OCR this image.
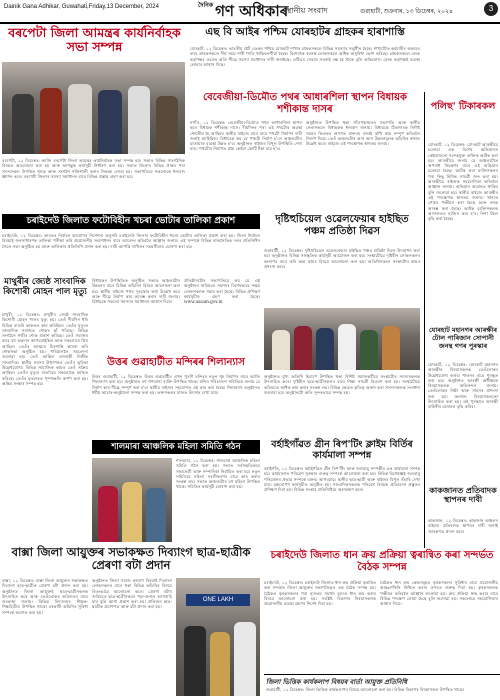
Dainik Gana Adhikar, Guwahati,Friday,13 December, 2024	$^{দৈনিক}$ গণ অধিকাৰ
স্থানীয় সংবাদ	গুৱাহাটী, শুক্ৰবাৰ, ১৩ ডিচেম্বৰ, ২০২৪	3
বৰপেটা জিলা আমন্ত্ৰৰ কাৰ্যনিৰ্বাহক সভা সম্পন্ন
বৰপেটা, ১২ ডিচেম্বৰ: আজি বৰপেটা জিলা আমন্ত্ৰৰ কাৰ্যনিৰ্বাহক সভা সম্পন্ন হয়। সভাত বিভিন্ন সাংগঠনিক বিষয়ত আলোচনা কৰা হয় আৰু আগন্তুক কাৰ্যসূচী নিৰ্ধাৰণ কৰা হয়। সভাত জিলাৰ বিভিন্ন প্ৰান্তৰ পৰা সদস্যসকল উপস্থিত থাকে আৰু সংগঠন শক্তিশালী কৰাৰ সিদ্ধান্ত লোৱা হয়। সভাপতিয়ে সকলোকে ধন্যবাদ জ্ঞাপন কৰে। বৰপেটা জিলাৰ সমস্যা সমাধানৰ বাবে বিভিন্ন প্ৰস্তাৱ গ্ৰহণ কৰা হয়।
চৰাইদেউ জিলাত ফটোবিহীন খচৰা ভোটাৰ তালিকা প্ৰকাশ
চৰাইদেউ, ১২ ডিচেম্বৰ: ভাৰতৰ নিৰ্বাচন আয়োগৰ নিৰ্দেশনা অনুসৰি চৰাইদেউ জিলাৰ ফটোবিহীন খচৰা ভোটাৰ তালিকা প্ৰকাশ কৰা হয়। জিলা নিৰ্বাচন বিষয়াই জনসাধাৰণক তালিকা পৰীক্ষা কৰি প্ৰয়োজনীয় সংশোধনৰ বাবে আবেদন কৰিবলৈ আহ্বান জনায়। এই সম্পৰ্কে বিভিন্ন ৰাজনৈতিক দলৰ প্ৰতিনিধিৰ সৈতে সভা অনুষ্ঠিত হয় আৰু তালিকাৰ প্ৰতিলিপি প্ৰদান কৰা হয়। দাবী আপত্তি দাখিলৰ সময়সীমাও ঘোষণা কৰা হয়।
মাথুৰীৰ জ্যেষ্ঠ সাংবাদিক কিশোৰী মোহন পাল মৃত্যু
মাথুৰী, ১২ ডিচেম্বৰ: মাথুৰীৰ জ্যেষ্ঠ সাংবাদিক কিশোৰী মোহন পালৰ মৃত্যু হয়। তেওঁ দীৰ্ঘদিন ধৰি বিভিন্ন বাতৰি কাকতত কাম কৰিছিল। তেওঁৰ মৃত্যুত সাংবাদিক সমাজত শোকৰ ছাঁ পৰিছে। বিভিন্ন সংগঠনে গভীৰ শোক প্ৰকাশ কৰিছে। তেওঁ সমাজৰ বাবে বহু অৱদান আগবঢ়াইছিল আৰু সকলোৰে প্ৰিয় আছিল। তেওঁৰ আত্মাৰ চিৰশান্তি কামনা কৰি শোকসভা অনুষ্ঠিত হয়। পৰিয়াললৈ সমবেদনা জনোৱা হয়। তেওঁ আছিল এগৰাকী নিৰ্ভীক সাংবাদিক। স্থানীয় সমস্যা উত্থাপনত তেওঁৰ ভূমিকা উল্লেখযোগ্য। বিভিন্ন সামাজিক কামত তেওঁ সক্ৰিয় আছিল। তেওঁৰ মৃত্যুৰ বাতৰিয়ে সকলোকে মৰ্মাহত কৰিছে। তেওঁৰ মৃতদেহত পুষ্পাঞ্জলি অৰ্পণ কৰা হয়। অন্তিম সংস্কাৰ সম্পন্ন হয়।
বিধায়কৰ উপস্থিতিত অনুষ্ঠিত সভাত অঞ্চলটোৰ উন্নয়নৰ বাবে বিভিন্ন আঁচনিৰ বিষয়ে আলোচনা কৰা হয়। স্থানীয় ৰাইজে পথৰ দুৰৱস্থাৰ কথা উল্লেখ কৰে আৰু শীঘ্ৰে নিৰ্মাণ কাম আৰম্ভ কৰাৰ দাবী জনায়। বিধায়কে সকলো সমস্যাৰ সমাধানৰ আশ্বাস দিয়ে।
প্ৰতিষ্ঠানটোৰ সভাপতিয়ে কয় যে এই অনুষ্ঠানৰ জৰিয়তে সমাজৰ বিশেষভাৱে সক্ষম লোকসকলক সহায় কৰা হৈছে। বিভিন্ন প্ৰশিক্ষণ কাৰ্যসূচীও গ্ৰহণ কৰা হৈছে। www.assam.gov.in
উত্তৰ গুৱাহাটীত মন্দিৰৰ শিলান্যাস
উত্তৰ গুৱাহাটী, ১২ ডিচেম্বৰ: উত্তৰ গুৱাহাটীৰ এখন পুৰণি মন্দিৰৰ নতুন গৃহ নিৰ্মাণৰ বাবে আজি শিলান্যাস কৰা হয়। অনুষ্ঠানত বহু গণ্যমান্য ব্যক্তি উপস্থিত থাকে। মন্দিৰ পৰিচালনা সমিতিয়ে জনায় যে নিৰ্মাণ কাম শীঘ্ৰে সম্পূৰ্ণ কৰা হ'ব। স্থানীয় ৰাইজৰ সহযোগত এই কাম কৰা হৈছে। শিলান্যাস অনুষ্ঠানত ধৰ্মীয় আচাৰ-অনুষ্ঠানো সম্পন্ন কৰা হয়। ভক্তসকলৰ মাজত উৎসাহ দেখা যায়।
শালমাৰা আঞ্চলিক মহিলা সমিতি গঠন
শালমাৰা, ১২ ডিচেম্বৰ: শালমাৰা আঞ্চলিক মহিলা সমিতি গঠন কৰা হয়। সভাত সৰ্বসন্মতিক্ৰমে সভানেত্ৰী আৰু সম্পাদিকা নিৰ্বাচিত কৰা হয়। নতুন সমিতিয়ে মহিলা সবলীকৰণৰ বাবে কাম কৰাৰ সংকল্প লয়। সভাত অঞ্চলটোৰ বহু মহিলা উপস্থিত থাকে। সমিতিৰ কাৰ্যসূচী ঘোষণা কৰা হয়।
বাক্সা জিলা আয়ুক্তৰ সভাকক্ষত দিব্যাংগ ছাত্ৰ-ছাত্ৰীক প্ৰেৰণা বটা প্ৰদান
বাক্সা, ১২ ডিচেম্বৰ: বাক্সা জিলা আয়ুক্তৰ সভাকক্ষত দিব্যাংগ ছাত্ৰ-ছাত্ৰীক প্ৰেৰণা বটা প্ৰদান কৰা হয়। অনুষ্ঠানত জিলা আয়ুক্তই ছাত্ৰ-ছাত্ৰীসকলক উৎসাহিত কৰে আৰু তেওঁলোকৰ ভৱিষ্যতৰ বাবে শুভেচ্ছা জনায়। বিভিন্ন বিদ্যালয়ৰ শিক্ষক-শিক্ষয়িত্ৰীও উপস্থিত থাকে। চৰকাৰী আঁচনিৰ সুবিধা সম্পৰ্কে অৱগত কৰা হয়।
অনুষ্ঠানত জিলা সমাজ কল্যাণ বিষয়াই দিব্যাংগ লোকসকলৰ বাবে থকা বিভিন্ন আঁচনিৰ বিষয়ে বিতংভাৱে আলোচনা কৰে। প্ৰেৰণা বটাৰ জৰিয়তে ছাত্ৰ-ছাত্ৰীসকলে পঢ়া-শুনাত আগবাঢ়ি যাব বুলি আশা প্ৰকাশ কৰা হয়। প্ৰতিজন ছাত্ৰ-ছাত্ৰীক প্ৰমাণপত্ৰ আৰু বটা প্ৰদান কৰা হয়।
ONE LAKH
এছ বি আইৰ পশ্চিম যোৰহাটৰ গ্ৰাহকৰ হাৰাশাস্তি
যোৰহাট, ১২ ডিচেম্বৰ: ভাৰতীয় ষ্টেট বেংকৰ পশ্চিম যোৰহাট শাখাৰ গ্ৰাহকসকলে বিভিন্ন সমস্যাৰ সন্মুখীন হৈছে। শাখাটোত কৰ্মচাৰীৰ অভাৱৰ বাবে গ্ৰাহকসকলে দীৰ্ঘ সময় শাৰী পাতি থাকিবলগীয়া হৈছে। বিশেষকৈ বয়সস্থ লোকসকলে অধিক অসুবিধা ভোগ কৰিছে। গ্ৰাহকসকলে বেংক কৰ্তৃপক্ষৰ ওচৰত অতি শীঘ্ৰে সমস্যা সমাধানৰ দাবী জনাইছে। এটিএম সেৱাও সঘনাই বন্ধ হৈ থাকে বুলি অভিযোগ। বেংক কৰ্তৃপক্ষই ব্যৱস্থা লোৱাৰ আশ্বাস দিছে।
বেবেজীয়া-ডিমৌত পথৰ আধাৰশিলা স্থাপন বিধায়ক শশীকান্ত দাসৰ
নগাঁও, ১২ ডিচেম্বৰ: বেবেজীয়া-ডিমৌত পথৰ আধাৰশিলা স্থাপন কৰে বিধায়ক শশীকান্ত দাসে। দীৰ্ঘদিনৰ পৰা এই পথটোৰ অৱস্থা শোচনীয় হৈ আছিল। স্থানীয় ৰাইজে বাৰে বাৰে পথটো নিৰ্মাণৰ দাবী জনাই আহিছিল। বিধায়কে কয় যে পথটো নিৰ্মাণ হ'লে অঞ্চলটোৰ যাতায়াত ব্যৱস্থা উন্নত হ'ব। অনুষ্ঠানত ৰাইজৰ বিপুল উপস্থিতি দেখা যায়। পথটোৰ নিৰ্মাণত প্ৰায় কেইবা কোটি টকা ব্যয় হ'ব।
অনুষ্ঠানত উপস্থিত থকা গাঁওপঞ্চায়তৰ সভাপতি আৰু স্থানীয় নেতাসকলে বিধায়কক ধন্যবাদ জনায়। বিধায়কে ঠিকাদাৰক নিৰ্দিষ্ট সময়ৰ ভিতৰত গুণগত মানদণ্ড বজাই ৰাখি কাম সম্পূৰ্ণ কৰিবলৈ নিৰ্দেশ দিয়ে। তেওঁ অঞ্চলটোৰ আন আন উন্নয়নমূলক আঁচনিৰ কথাও উল্লেখ কৰে। ৰাইজে এই পদক্ষেপক স্বাগতম জনায়।
দৃষ্টিহুচিয়েল ওৱেলফেয়াৰ হাইছিত পঞ্চম প্ৰতিষ্ঠা দিৱস
গুৱাহাটী, ১২ ডিচেম্বৰ: দৃষ্টিহুচিয়েল ওৱেলফেয়াৰ হাইছিত পঞ্চম প্ৰতিষ্ঠা দিৱস উদযাপন কৰা হয়। অনুষ্ঠানত বিভিন্ন সাংস্কৃতিক কাৰ্যসূচী আয়োজন কৰা হয়। সংস্থাটোৱে দৃষ্টিহীন লোকসকলৰ কল্যাণৰ বাবে কৰি অহা কামৰ বিষয়ে আলোচনা কৰা হয়। অতিথিসকলে সংস্থাটোৰ কামৰ প্ৰশংসা কৰে।
অনুষ্ঠানত মুখ্য অতিথি হিচাপে উপস্থিত থকা বিশিষ্ট সমাজকৰ্মীয়ে সংস্থাটোৰ সদস্যসকলক উৎসাহিত কৰে। দৃষ্টিহীন ছাত্ৰ-ছাত্ৰীসকলৰ বাবে শিক্ষা সামগ্ৰী বিতৰণ কৰা হয়। সংস্থাটোৱে ভৱিষ্যতে অধিক কাম কৰাৰ সংকল্প লয়। বিভিন্ন ক্ষেত্ৰত কৃতিত্ব অৰ্জন কৰা সদস্যসকলক সংবৰ্ধনা জনোৱা হয়। অনুষ্ঠানটো অতি সুন্দৰভাৱে সম্পন্ন হয়।
বৰ্হাইগাঁৱত গ্ৰীন ৰিপ'টিং ক্লাইম বিৰ্তিৰ কাৰ্যমালা সম্পন্ন
বৰ্হাইগাঁও, ১২ ডিচেম্বৰ: বৰ্হাইগাঁৱত গ্ৰীন ৰিপ'টিং আৰু জলবায়ু সম্পৰ্কীয় এক কাৰ্যমালা সম্পন্ন হয়। কাৰ্যমালাত পৰিৱেশ সুৰক্ষাৰ গুৰুত্ব সম্পৰ্কে আলোচনা কৰা হয়। বিভিন্ন বিশেষজ্ঞই জলবায়ু পৰিৱৰ্তনৰ প্ৰভাৱ সম্পৰ্কে বক্তব্য আগবঢ়ায়। স্থানীয় ছাত্ৰ-ছাত্ৰী আৰু ৰাইজৰ বিপুল সঁহাৰি দেখা যায়। বৃক্ষৰোপণ কাৰ্যসূচীও অনুষ্ঠিত হয়। সাংবাদিকসকলক পৰিৱেশ বিষয়ক প্ৰতিবেদন প্ৰস্তুতৰ প্ৰশিক্ষণ দিয়া হয়। বিভিন্ন সংস্থাৰ প্ৰতিনিধিয়ে অংশগ্ৰহণ কৰে।
চৰাইদেউ জিলাত ধান ক্ৰয় প্ৰক্ৰিয়া ত্বৰান্বিত কৰা সন্দৰ্ভত বৈঠক সম্পন্ন
চৰাইদেউ, ১২ ডিচেম্বৰ: চৰাইদেউ জিলাত ধান ক্ৰয় প্ৰক্ৰিয়া ত্বৰান্বিত কৰা সন্দৰ্ভত জিলা আয়ুক্তৰ সভাপতিত্বত এক বৈঠক সম্পন্ন হয়। বৈঠকত কৃষকসকলৰ পৰা ন্যূনতম সমৰ্থন মূল্যত ধান ক্ৰয় কৰাৰ বিষয়ে আলোচনা কৰা হয়। সংশ্লিষ্ট বিভাগৰ বিষয়াসকলক প্ৰয়োজনীয় ব্যৱস্থা গ্ৰহণৰ নিৰ্দেশ দিয়া হয়।
বৈঠকত ধান ক্ৰয় কেন্দ্ৰসমূহত কৃষকসকলৰ সুবিধাৰ বাবে প্ৰয়োজনীয় আন্তঃগাঁথনি নিশ্চিত কৰাৰ ওপৰত গুৰুত্ব দিয়া হয়। কৃষকসকলক পঞ্জীয়ন কৰিবলৈ আহ্বান জনোৱা হয়। ক্ৰয় প্ৰক্ৰিয়া স্বচ্ছ কৰাৰ বাবে বিভিন্ন পদক্ষেপ লোৱা হৈছে বুলি জনোৱা হয়। সকলোৱে সহযোগিতাৰ আশ্বাস দিয়ে।
জিলা ভিত্তিক কাৰ্যকলাপ বিষয়ৰ বাৰ্তা আয়ুক্ত প্ৰতিনিধি
গুৱাহাটী, ১২ ডিচেম্বৰ: জিলা ভিত্তিক কাৰ্যকলাপৰ বিষয়ে আলোচনা কৰা হয়। বিভিন্ন বিভাগৰ বিষয়াসকল উপস্থিত থাকে।
পলিছ' টিকাৰকল
যোৰহাট, ১২ ডিচেম্বৰ: যোৰহাট আৰক্ষীয়ে চলোৱা এক বিশেষ অভিযানত কেইবাজনো সন্দেহযুক্ত ব্যক্তিক আটক কৰা হয়। আৰক্ষীয়ে জনায় যে অঞ্চলটোত অপৰাধ নিয়ন্ত্ৰণৰ বাবে এই অভিযান চলোৱা হৈছে। আটক কৰা ব্যক্তিসকলৰ পৰা কিছু নিষিদ্ধ সামগ্ৰী জব্দ কৰা হয়। আৰক্ষীয়ে ৰাইজক সহযোগিতা কৰিবলৈ আহ্বান জনায়। অভিযান অব্যাহত থাকিব বুলি জনোৱা হয়। স্থানীয় ৰাইজে আৰক্ষীৰ এই পদক্ষেপক স্বাগতম জনায়। থানাত গোচৰ পঞ্জীয়ন কৰা হৈছে আৰু তদন্ত আৰম্ভ কৰা হৈছে। আটক ব্যক্তিসকলক আদালতত হাজিৰ কৰা হ'ব। নিশা টহল বৃদ্ধি কৰা হৈছে।
যোৰহাট মহানগৰ আৰক্ষীৰ টোল পাৰিজান সোপানী জনন্থ গণৰ পুৰস্কাৰ
যোৰহাট, ১২ ডিচেম্বৰ: যোৰহাট মহানগৰ আৰক্ষীৰ বিষয়াসকলক তেওঁলোকৰ উল্লেখযোগ্য কৰ্তব্য পালনৰ বাবে পুৰস্কৃত কৰা হয়। অনুষ্ঠানত আৰক্ষী অধীক্ষকে বিষয়াসকলক অভিনন্দন জনায়। তেওঁলোকৰ নিষ্ঠা আৰু সাহসৰ প্ৰশংসা কৰা হয়। অন্যান্য বিষয়াসকলকো উৎসাহিত কৰা হয়। এই পুৰস্কাৰে আৰক্ষী বাহিনীৰ মনোবল বৃদ্ধি কৰিব।
কাকজানত প্ৰতিবাদক স্থাপনৰ দাবী
কাকজান, ১২ ডিচেম্বৰ: কাকজান অঞ্চলৰ ৰাইজে প্ৰতিবাদক স্থাপনৰ দাবী জনাই স্মাৰকপত্ৰ প্ৰদান কৰে।
